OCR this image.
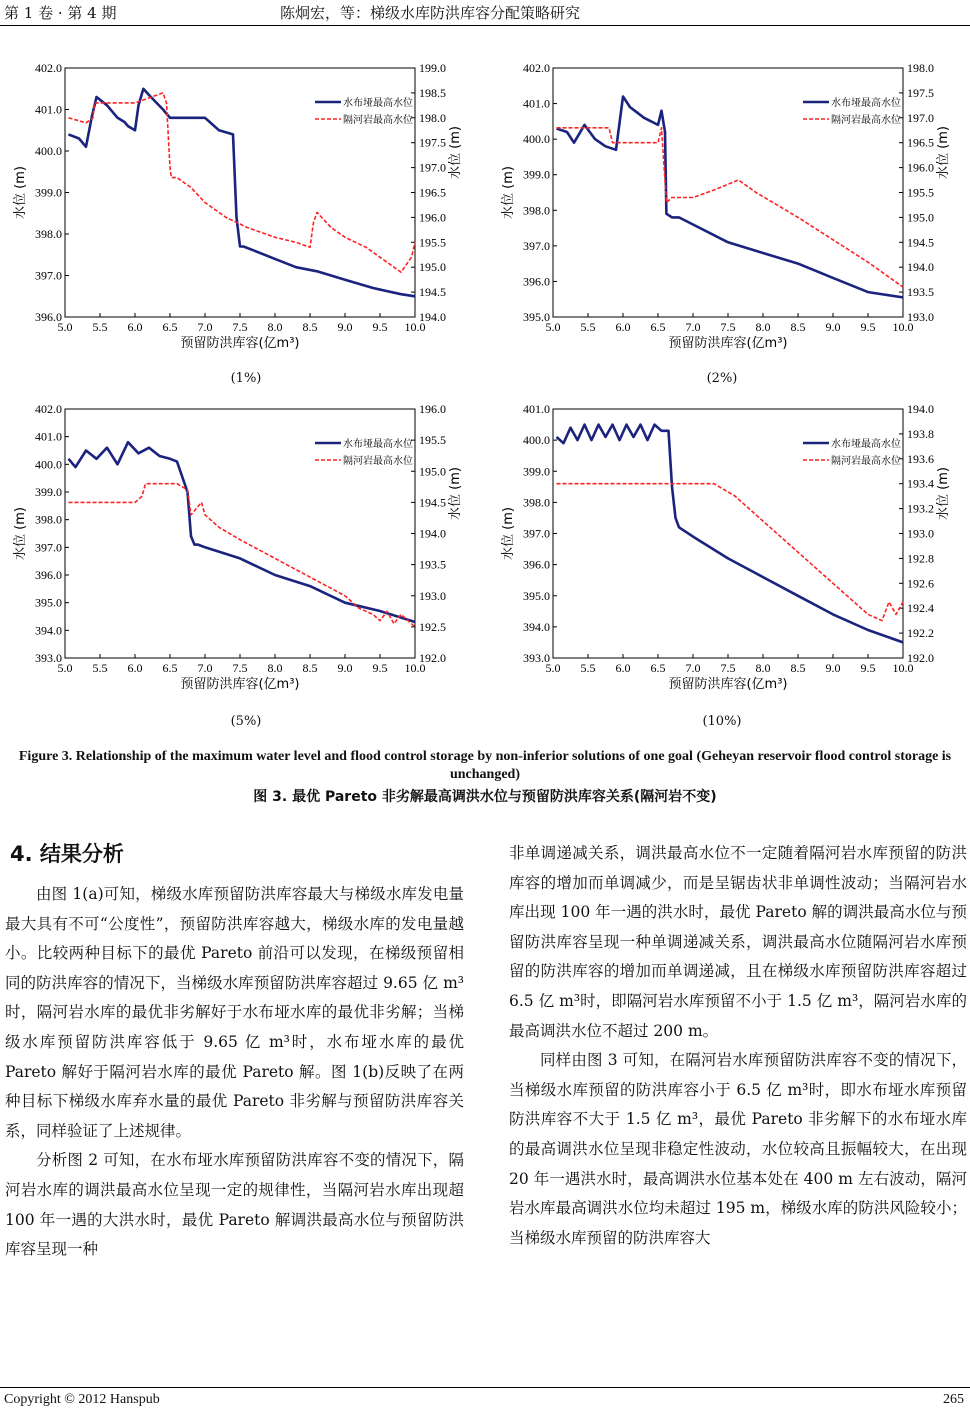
第 1 卷 · 第 4 期	陈炯宏，等：梯级水库防洪库容分配策略研究
5.0 5.5 6.0 6.5 7.0 7.5 8.0 8.5 9.0 9.5 10.0
396.0
397.0
398.0
399.0
400.0
401.0
402.0
194.0
194.5
195.0
195.5
196.0
196.5
197.0
197.5
198.0
198.5
199.0
预留防洪库容(亿m³)
水位 (m)
水位 (m)
水布垭最高水位
隔河岩最高水位
5.0 5.5 6.0 6.5 7.0 7.5 8.0 8.5 9.0 9.5 10.0
395.0
396.0
397.0
398.0
399.0
400.0
401.0
402.0
193.0
193.5
194.0
194.5
195.0
195.5
196.0
196.5
197.0
197.5
198.0
预留防洪库容(亿m³)
水位 (m)
水位 (m)
水布垭最高水位
隔河岩最高水位
5.0 5.5 6.0 6.5 7.0 7.5 8.0 8.5 9.0 9.5 10.0
393.0
394.0
395.0
396.0
397.0
398.0
399.0
400.0
401.0
402.0
192.0
192.5
193.0
193.5
194.0
194.5
195.0
195.5
196.0
预留防洪库容(亿m³)
水位 (m)
水位 (m)
水布垭最高水位
隔河岩最高水位
5.0 5.5 6.0 6.5 7.0 7.5 8.0 8.5 9.0 9.5 10.0
393.0
394.0
395.0
396.0
397.0
398.0
399.0
400.0
401.0
192.0
192.2
192.4
192.6
192.8
193.0
193.2
193.4
193.6
193.8
194.0
预留防洪库容(亿m³)
水位 (m)
水位 (m)
水布垭最高水位
隔河岩最高水位
(1%)	(2%)
(5%)	(10%)
Figure 3. Relationship of the maximum water level and flood control storage by non-inferior solutions of one goal (Geheyan reservoir flood control storage is unchanged)
图 3. 最优 Pareto 非劣解最高调洪水位与预留防洪库容关系(隔河岩不变)
4. 结果分析

由图 1(a)可知，梯级水库预留防洪库容最大与梯级水库发电量最大具有不可“公度性”，预留防洪库容越大，梯级水库的发电量越小。比较两种目标下的最优 Pareto 前沿可以发现，在梯级预留相同的防洪库容的情况下，当梯级水库预留防洪库容超过 9.65 亿 m³时，隔河岩水库的最优非劣解好于水布垭水库的最优非劣解；当梯级水库预留防洪库容低于 9.65 亿 m³时，水布垭水库的最优 Pareto 解好于隔河岩水库的最优 Pareto 解。图 1(b)反映了在两种目标下梯级水库弃水量的最优 Pareto 非劣解与预留防洪库容关系，同样验证了上述规律。

分析图 2 可知，在水布垭水库预留防洪库容不变的情况下，隔河岩水库的调洪最高水位呈现一定的规律性，当隔河岩水库出现超 100 年一遇的大洪水时，最优 Pareto 解调洪最高水位与预留防洪库容呈现一种

非单调递减关系，调洪最高水位不一定随着隔河岩水库预留的防洪库容的增加而单调减少，而是呈锯齿状非单调性波动；当隔河岩水库出现 100 年一遇的洪水时，最优 Pareto 解的调洪最高水位与预留防洪库容呈现一种单调递减关系，调洪最高水位随隔河岩水库预留的防洪库容的增加而单调递减，且在梯级水库预留防洪库容超过 6.5 亿 m³时，即隔河岩水库预留不小于 1.5 亿 m³，隔河岩水库的最高调洪水位不超过 200 m。

同样由图 3 可知，在隔河岩水库预留防洪库容不变的情况下，当梯级水库预留的防洪库容小于 6.5 亿 m³时，即水布垭水库预留防洪库容不大于 1.5 亿 m³，最优 Pareto 非劣解下的水布垭水库的最高调洪水位呈现非稳定性波动，水位较高且振幅较大，在出现 20 年一遇洪水时，最高调洪水位基本处在 400 m 左右波动，隔河岩水库最高调洪水位均未超过 195 m，梯级水库的防洪风险较小；当梯级水库预留的防洪库容大

Copyright © 2012 Hanspub	265
